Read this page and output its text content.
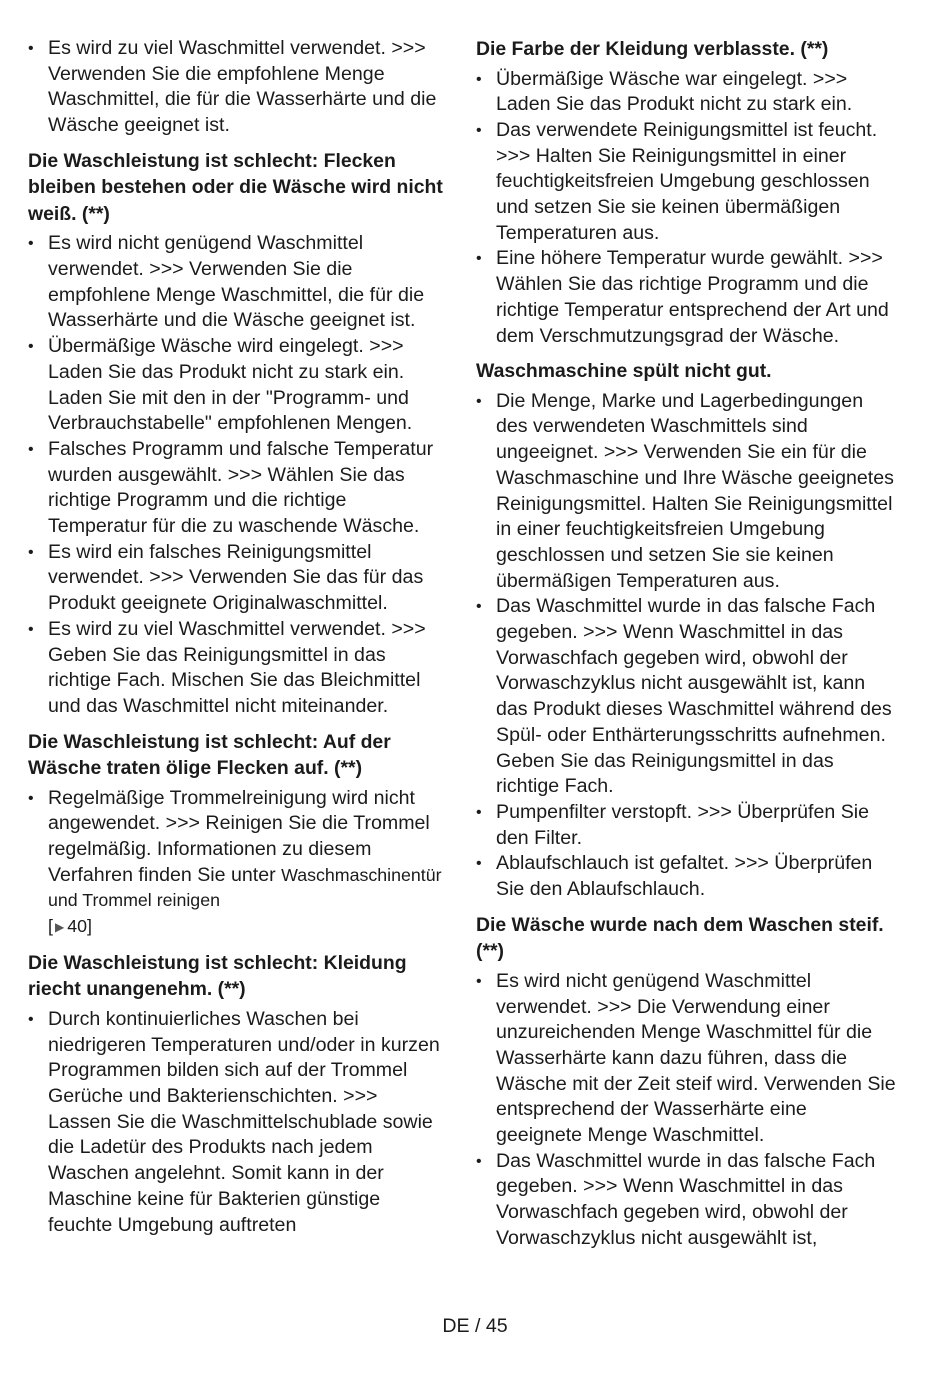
• Es wird zu viel Waschmittel verwendet. >>> Verwenden Sie die empfohlene Menge Waschmittel, die für die Wasserhärte und die Wäsche geeignet ist.
Die Waschleistung ist schlecht: Flecken bleiben bestehen oder die Wäsche wird nicht weiß. (**)
• Es wird nicht genügend Waschmittel verwendet. >>> Verwenden Sie die empfohlene Menge Waschmittel, die für die Wasserhärte und die Wäsche geeignet ist.
• Übermäßige Wäsche wird eingelegt. >>> Laden Sie das Produkt nicht zu stark ein. Laden Sie mit den in der "Programm- und Verbrauchstabelle" empfohlenen Mengen.
• Falsches Programm und falsche Temperatur wurden ausgewählt. >>> Wählen Sie das richtige Programm und die richtige Temperatur für die zu waschende Wäsche.
• Es wird ein falsches Reinigungsmittel verwendet. >>> Verwenden Sie das für das Produkt geeignete Originalwaschmittel.
• Es wird zu viel Waschmittel verwendet. >>> Geben Sie das Reinigungsmittel in das richtige Fach. Mischen Sie das Bleichmittel und das Waschmittel nicht miteinander.
Die Waschleistung ist schlecht: Auf der Wäsche traten ölige Flecken auf. (**)
• Regelmäßige Trommelreinigung wird nicht angewendet. >>> Reinigen Sie die Trommel regelmäßig. Informationen zu diesem Verfahren finden Sie unter Waschmaschinentür und Trommel reinigen
[ ▶ 40]
Die Waschleistung ist schlecht: Kleidung riecht unangenehm. (**)
• Durch kontinuierliches Waschen bei niedrigeren Temperaturen und/oder in kurzen Programmen bilden sich auf der Trommel Gerüche und Bakterienschichten. >>> Lassen Sie die Waschmittelschublade sowie die Ladetür des Produkts nach jedem Waschen angelehnt. Somit kann in der Maschine keine für Bakterien günstige feuchte Umgebung auftreten
Die Farbe der Kleidung verblasste. (**)
• Übermäßige Wäsche war eingelegt. >>> Laden Sie das Produkt nicht zu stark ein.
• Das verwendete Reinigungsmittel ist feucht. >>> Halten Sie Reinigungsmittel in einer feuchtigkeitsfreien Umgebung geschlossen und setzen Sie sie keinen übermäßigen Temperaturen aus.
• Eine höhere Temperatur wurde gewählt. >>> Wählen Sie das richtige Programm und die richtige Temperatur entsprechend der Art und dem Verschmutzungsgrad der Wäsche.
Waschmaschine spült nicht gut.
• Die Menge, Marke und Lagerbedingungen des verwendeten Waschmittels sind ungeeignet. >>> Verwenden Sie ein für die Waschmaschine und Ihre Wäsche geeignetes Reinigungsmittel. Halten Sie Reinigungsmittel in einer feuchtigkeitsfreien Umgebung geschlossen und setzen Sie sie keinen übermäßigen Temperaturen aus.
• Das Waschmittel wurde in das falsche Fach gegeben. >>> Wenn Waschmittel in das Vorwaschfach gegeben wird, obwohl der Vorwaschzyklus nicht ausgewählt ist, kann das Produkt dieses Waschmittel während des Spül- oder Enthärterungsschritts aufnehmen. Geben Sie das Reinigungsmittel in das richtige Fach.
• Pumpenfilter verstopft. >>> Überprüfen Sie den Filter.
• Ablaufschlauch ist gefaltet. >>> Überprüfen Sie den Ablaufschlauch.
Die Wäsche wurde nach dem Waschen steif. (**)
• Es wird nicht genügend Waschmittel verwendet. >>> Die Verwendung einer unzureichenden Menge Waschmittel für die Wasserhärte kann dazu führen, dass die Wäsche mit der Zeit steif wird. Verwenden Sie entsprechend der Wasserhärte eine geeignete Menge Waschmittel.
• Das Waschmittel wurde in das falsche Fach gegeben. >>> Wenn Waschmittel in das Vorwaschfach gegeben wird, obwohl der Vorwaschzyklus nicht ausgewählt ist,
DE / 45
